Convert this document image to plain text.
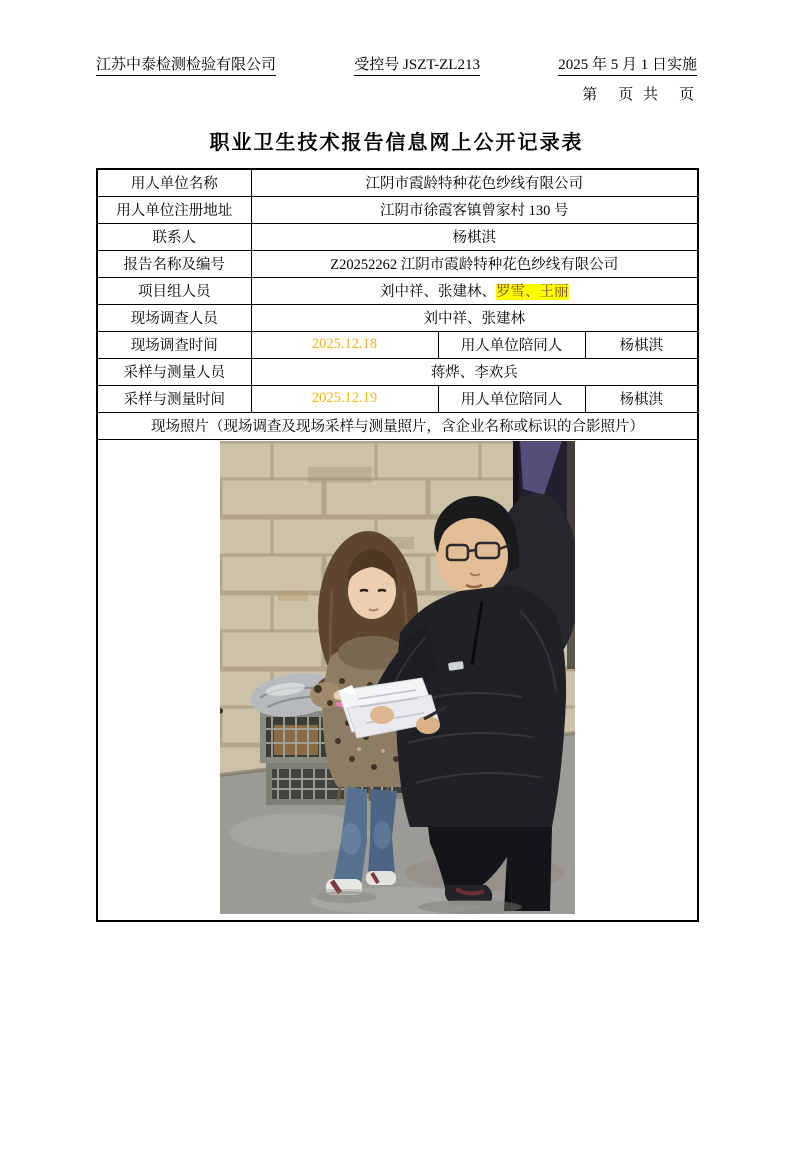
江苏中泰检测检验有限公司	受控号 JSZT-ZL213	2025 年 5 月 1 日实施
第　页 共　页
职业卫生技术报告信息网上公开记录表
用人单位名称	江阴市霞龄特种花色纱线有限公司		
用人单位注册地址	江阴市徐霞客镇曾家村 130 号		
联系人	杨棋淇		
报告名称及编号	Z20252262 江阴市霞龄特种花色纱线有限公司		
项目组人员	刘中祥、张建林、罗雪、王丽		
现场调查人员	刘中祥、张建林		
现场调查时间	2025.12.18	用人单位陪同人	杨棋淇
采样与测量人员	蒋烨、李欢兵		
采样与测量时间	2025.12.19	用人单位陪同人	杨棋淇
现场照片（现场调查及现场采样与测量照片，含企业名称或标识的合影照片）			
